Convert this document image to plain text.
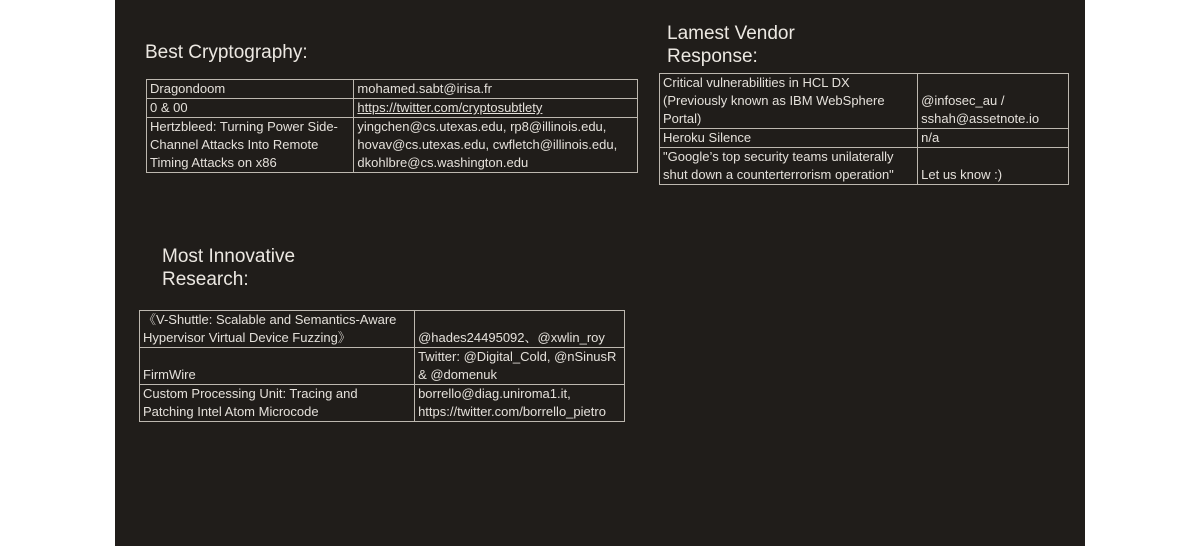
Best Cryptography:
Dragondoom	mohamed.sabt@irisa.fr
0 & 00	https://twitter.com/cryptosubtlety
Hertzbleed: Turning Power Side-Channel Attacks Into Remote Timing Attacks on x86	yingchen@cs.utexas.edu, rp8@illinois.edu, hovav@cs.utexas.edu, cwfletch@illinois.edu, dkohlbre@cs.washington.edu
Lamest Vendor Response:
Critical vulnerabilities in HCL DX (Previously known as IBM WebSphere Portal)	@infosec_au / sshah@assetnote.io
Heroku Silence	n/a
"Google’s top security teams unilaterally shut down a counterterrorism operation"	Let us know :)
Most Innovative Research:
《V-Shuttle: Scalable and Semantics-Aware Hypervisor Virtual Device Fuzzing》	@hades24495092、@xwlin_roy
FirmWire	Twitter: @Digital_Cold, @nSinusR & @domenuk
Custom Processing Unit: Tracing and Patching Intel Atom Microcode	borrello@diag.uniroma1.it, https://twitter.com/borrello_pietro
